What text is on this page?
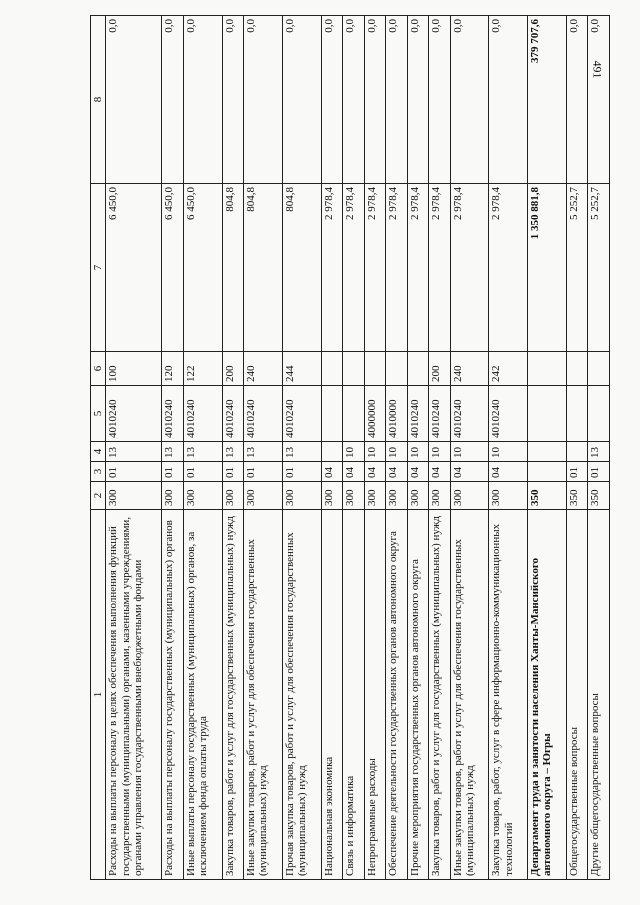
491
1	2	3	4	5	6	7	8
Расходы на выплаты персоналу в целях обеспечения выполнения функций государственными (муниципальными) органами, казенными учреждениями, органами управления государственными внебюджетными фондами	300	01	13	4010240	100	6 450,0	0,0
Расходы на выплаты персоналу государственных (муниципальных) органов	300	01	13	4010240	120	6 450,0	0,0
Иные выплаты персоналу государственных (муниципальных) органов, за исключением фонда оплаты труда	300	01	13	4010240	122	6 450,0	0,0
Закупка товаров, работ и услуг для государственных (муниципальных) нужд	300	01	13	4010240	200	804,8	0,0
Иные закупки товаров, работ и услуг для обеспечения государственных (муниципальных) нужд	300	01	13	4010240	240	804,8	0,0
Прочая закупка товаров, работ и услуг для обеспечения государственных (муниципальных) нужд	300	01	13	4010240	244	804,8	0,0
Национальная экономика	300	04				2 978,4	0,0
Связь и информатика	300	04	10			2 978,4	0,0
Непрограммные расходы	300	04	10	4000000		2 978,4	0,0
Обеспечение деятельности государственных органов автономного округа	300	04	10	4010000		2 978,4	0,0
Прочие мероприятия государственных органов автономного округа	300	04	10	4010240		2 978,4	0,0
Закупка товаров, работ и услуг для государственных (муниципальных) нужд	300	04	10	4010240	200	2 978,4	0,0
Иные закупки товаров, работ и услуг для обеспечения государственных (муниципальных) нужд	300	04	10	4010240	240	2 978,4	0,0
Закупка товаров, работ, услуг в сфере информационно-коммуникационных технологий	300	04	10	4010240	242	2 978,4	0,0
Департамент труда и занятости населения Ханты-Мансийского автономного округа – Югры	350					1 350 881,8	379 707,6
Общегосударственные вопросы	350	01				5 252,7	0,0
Другие общегосударственные вопросы	350	01	13			5 252,7	0,0
